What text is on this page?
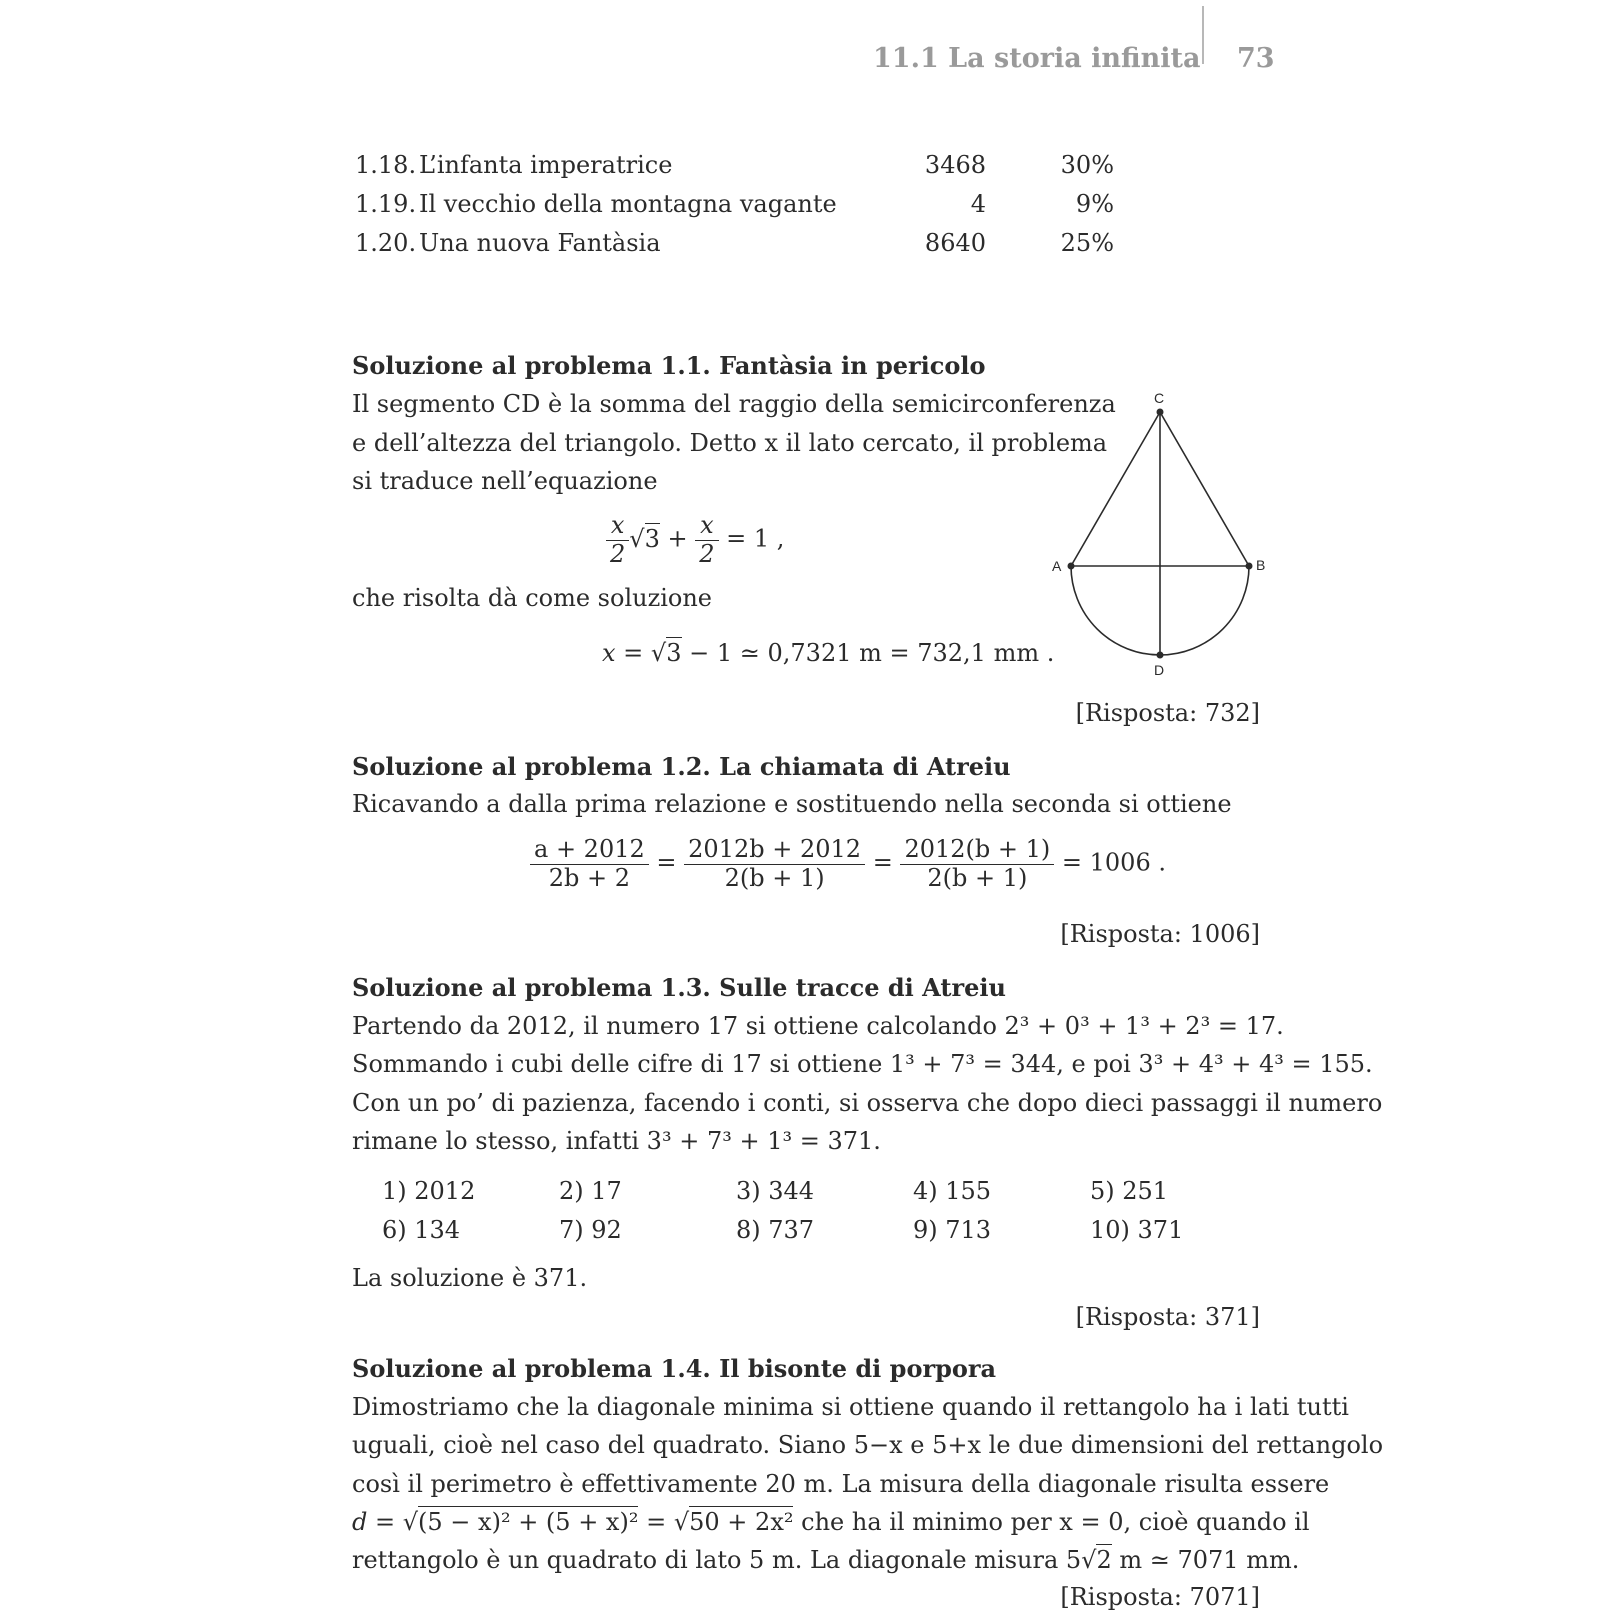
11.1 La storia infinita 73
1.18. L’infanta imperatrice	3468	30%
1.19. Il vecchio della montagna vagante	4	9%
1.20. Una nuova Fantàsia	8640	25%
Soluzione al problema 1.1. Fantàsia in pericolo
Il segmento CD è la somma del raggio della semicirconferenza
e dell’altezza del triangolo. Detto x il lato cercato, il problema
si traduce nell’equazione
$\frac{x}{2}$ √ $3 + \frac{x}{2} = 1$ ,
che risolta dà come soluzione
x = √ 3 − 1 ≃ 0,7321 m = 732,1 mm .
C
A	B
D
[Risposta: 732]
Soluzione al problema 1.2. La chiamata di Atreiu
Ricavando a dalla prima relazione e sostituendo nella seconda si ottiene
$\frac{a + 2012}{2b + 2} = \frac{2012b + 2012}{2(b + 1)} = \frac{2012(b + 1)}{2(b + 1)} = 1006$ .
[Risposta: 1006]
Soluzione al problema 1.3. Sulle tracce di Atreiu
Partendo da 2012, il numero 17 si ottiene calcolando 2³ + 0³ + 1³ + 2³ = 17.
Sommando i cubi delle cifre di 17 si ottiene 1³ + 7³ = 344, e poi 3³ + 4³ + 4³ = 155.
Con un po’ di pazienza, facendo i conti, si osserva che dopo dieci passaggi il numero
rimane lo stesso, infatti 3³ + 7³ + 1³ = 371.
1) 2012	2) 17	3) 344	4) 155	5) 251
6) 134	7) 92	8) 737	9) 713	10) 371
La soluzione è 371.
[Risposta: 371]
Soluzione al problema 1.4. Il bisonte di porpora
Dimostriamo che la diagonale minima si ottiene quando il rettangolo ha i lati tutti
uguali, cioè nel caso del quadrato. Siano 5−x e 5+x le due dimensioni del rettangolo
così il perimetro è effettivamente 20 m. La misura della diagonale risulta essere
d = √ (5 − x)² + (5 + x)² = √ 50 + 2x² che ha il minimo per x = 0, cioè quando il
rettangolo è un quadrato di lato 5 m. La diagonale misura 5 √ 2 m ≃ 7071 mm.
[Risposta: 7071]
